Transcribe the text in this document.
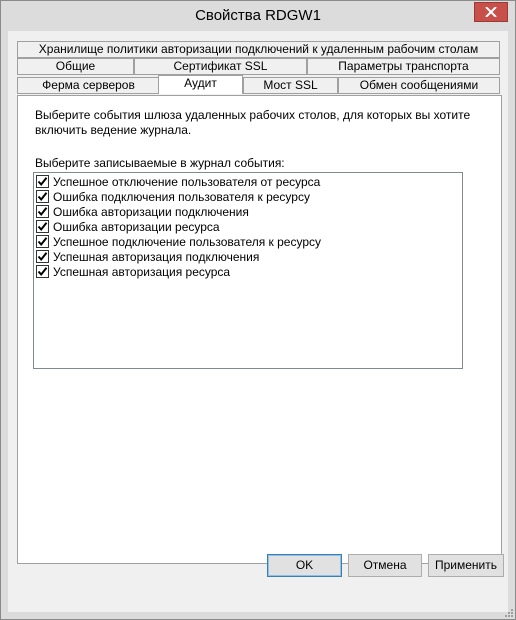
Свойства RDGW1
Хранилище политики авторизации подключений к удаленным рабочим столам
Общие	Сертификат SSL	Параметры транспорта
Ферма серверов	Аудит	Мост SSL	Обмен сообщениями
Выберите события шлюза удаленных рабочих столов, для которых вы хотите включить ведение журнала.
Выберите записываемые в журнал события:
Успешное отключение пользователя от ресурса
Ошибка подключения пользователя к ресурсу
Ошибка авторизации подключения
Ошибка авторизации ресурса
Успешное подключение пользователя к ресурсу
Успешная авторизация подключения
Успешная авторизация ресурса
OK	Отмена	Применить
